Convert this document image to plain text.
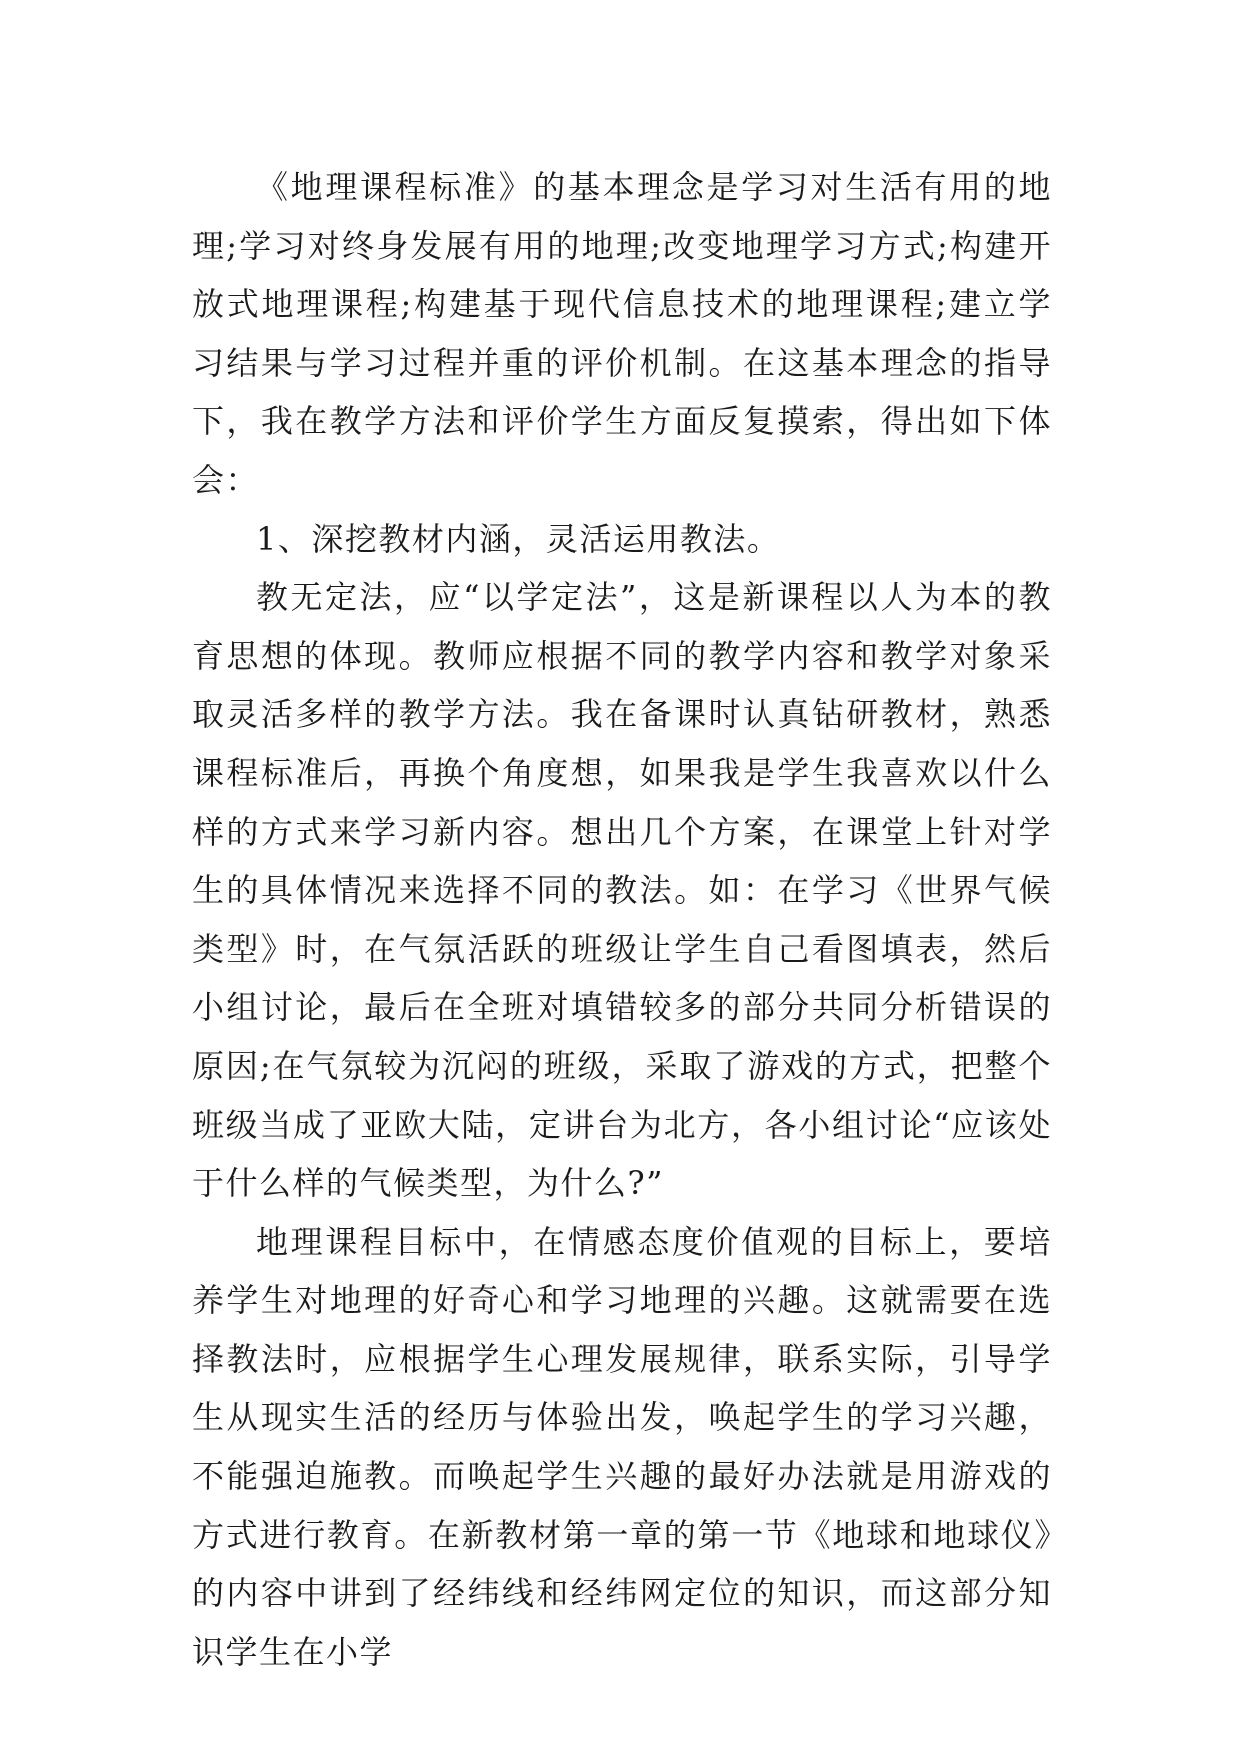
《地理课程标准》的基本理念是学习对生活有用的地理;学习对终身发展有用的地理;改变地理学习方式;构建开放式地理课程;构建基于现代信息技术的地理课程;建立学习结果与学习过程并重的评价机制。在这基本理念的指导下，我在教学方法和评价学生方面反复摸索，得出如下体会：

1、深挖教材内涵，灵活运用教法。

教无定法，应“以学定法”，这是新课程以人为本的教育思想的体现。教师应根据不同的教学内容和教学对象采取灵活多样的教学方法。我在备课时认真钻研教材，熟悉课程标准后，再换个角度想，如果我是学生我喜欢以什么样的方式来学习新内容。想出几个方案，在课堂上针对学生的具体情况来选择不同的教法。如：在学习《世界气候类型》时，在气氛活跃的班级让学生自己看图填表，然后小组讨论，最后在全班对填错较多的部分共同分析错误的原因;在气氛较为沉闷的班级，采取了游戏的方式，把整个班级当成了亚欧大陆，定讲台为北方，各小组讨论“应该处于什么样的气候类型，为什么?”

地理课程目标中，在情感态度价值观的目标上，要培养学生对地理的好奇心和学习地理的兴趣。这就需要在选择教法时，应根据学生心理发展规律，联系实际，引导学生从现实生活的经历与体验出发，唤起学生的学习兴趣，不能强迫施教。而唤起学生兴趣的最好办法就是用游戏的方式进行教育。在新教材第一章的第一节《地球和地球仪》的内容中讲到了经纬线和经纬网定位的知识，而这部分知识学生在小学
